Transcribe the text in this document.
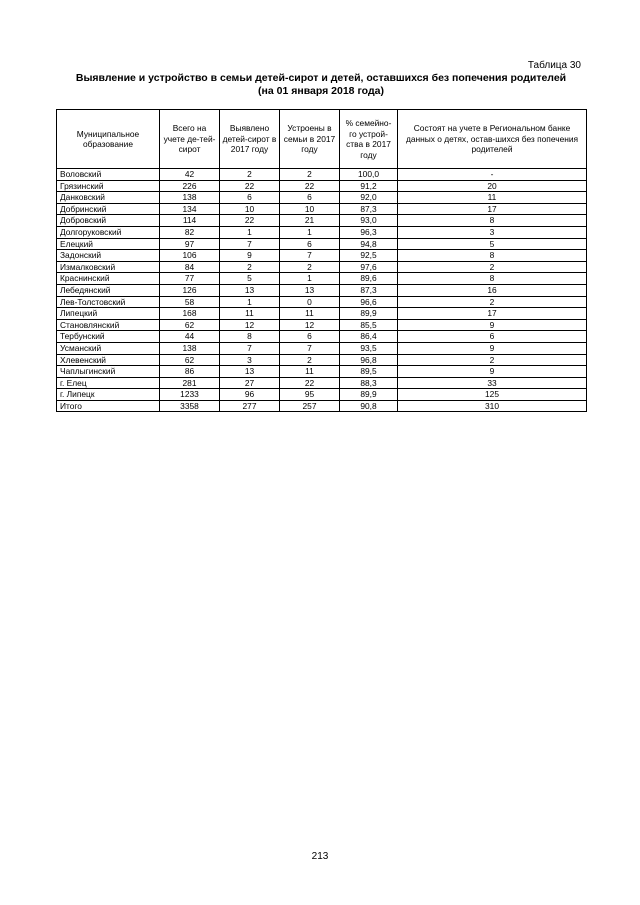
Таблица 30
Выявление и устройство в семьи детей-сирот и детей, оставшихся без попечения родителей
(на 01 января 2018 года)
Муниципальное образование	Всего на учете де-тей-сирот	Выявлено детей-сирот в 2017 году	Устроены в семьи в 2017 году	% семейно-го устрой-ства в 2017 году	Состоят на учете в Региональном банке данных о детях, остав-шихся без попечения родителей
Воловский	42	2	2	100,0	-
Грязинский	226	22	22	91,2	20
Данковский	138	6	6	92,0	11
Добринский	134	10	10	87,3	17
Добровский	114	22	21	93,0	8
Долгоруковский	82	1	1	96,3	3
Елецкий	97	7	6	94,8	5
Задонский	106	9	7	92,5	8
Измалковский	84	2	2	97,6	2
Краснинский	77	5	1	89,6	8
Лебедянский	126	13	13	87,3	16
Лев-Толстовский	58	1	0	96,6	2
Липецкий	168	11	11	89,9	17
Становлянский	62	12	12	85,5	9
Тербунский	44	8	6	86,4	6
Усманский	138	7	7	93,5	9
Хлевенский	62	3	2	96,8	2
Чаплыгинский	86	13	11	89,5	9
г. Елец	281	27	22	88,3	33
г. Липецк	1233	96	95	89,9	125
Итого	3358	277	257	90,8	310
213
